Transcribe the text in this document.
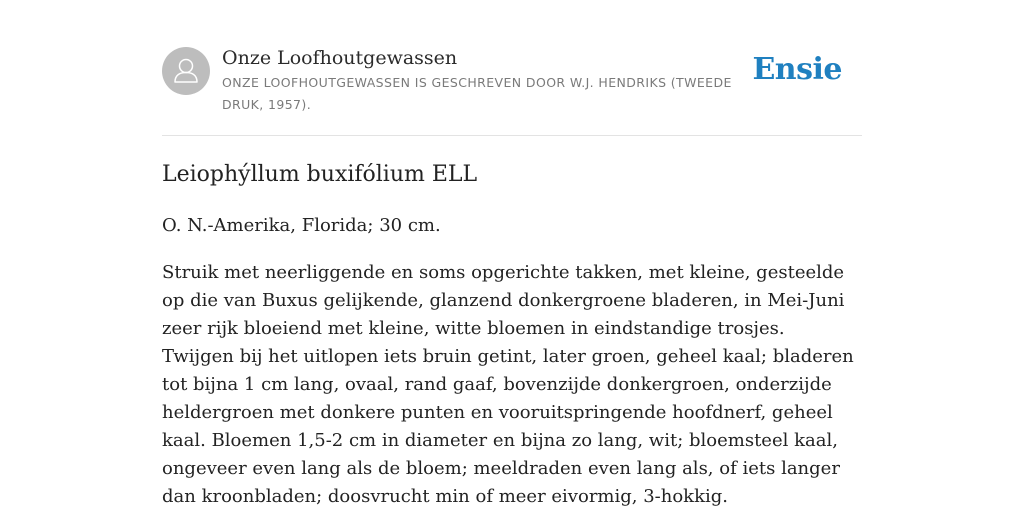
Onze Loofhoutgewassen
ONZE LOOFHOUTGEWASSEN IS GESCHREVEN DOOR W.J. HENDRIKS (TWEEDE DRUK, 1957).
Ensie
Leiophýllum buxifólium ELL

O. N.-Amerika, Florida; 30 cm.

Struik met neerliggende en soms opgerichte takken, met kleine, gesteelde op die van Buxus gelijkende, glanzend donkergroene bladeren, in Mei-Juni zeer rijk bloeiend met kleine, witte bloemen in eindstandige trosjes. Twijgen bij het uitlopen iets bruin getint, later groen, geheel kaal; bladeren tot bijna 1 cm lang, ovaal, rand gaaf, bovenzijde donkergroen, onderzijde heldergroen met donkere punten en vooruitspringende hoofdnerf, geheel kaal. Bloemen 1,5-2 cm in diameter en bijna zo lang, wit; bloemsteel kaal, ongeveer even lang als de bloem; meeldraden even lang als, of iets langer dan kroonbladen; doosvrucht min of meer eivormig, 3-hokkig.
